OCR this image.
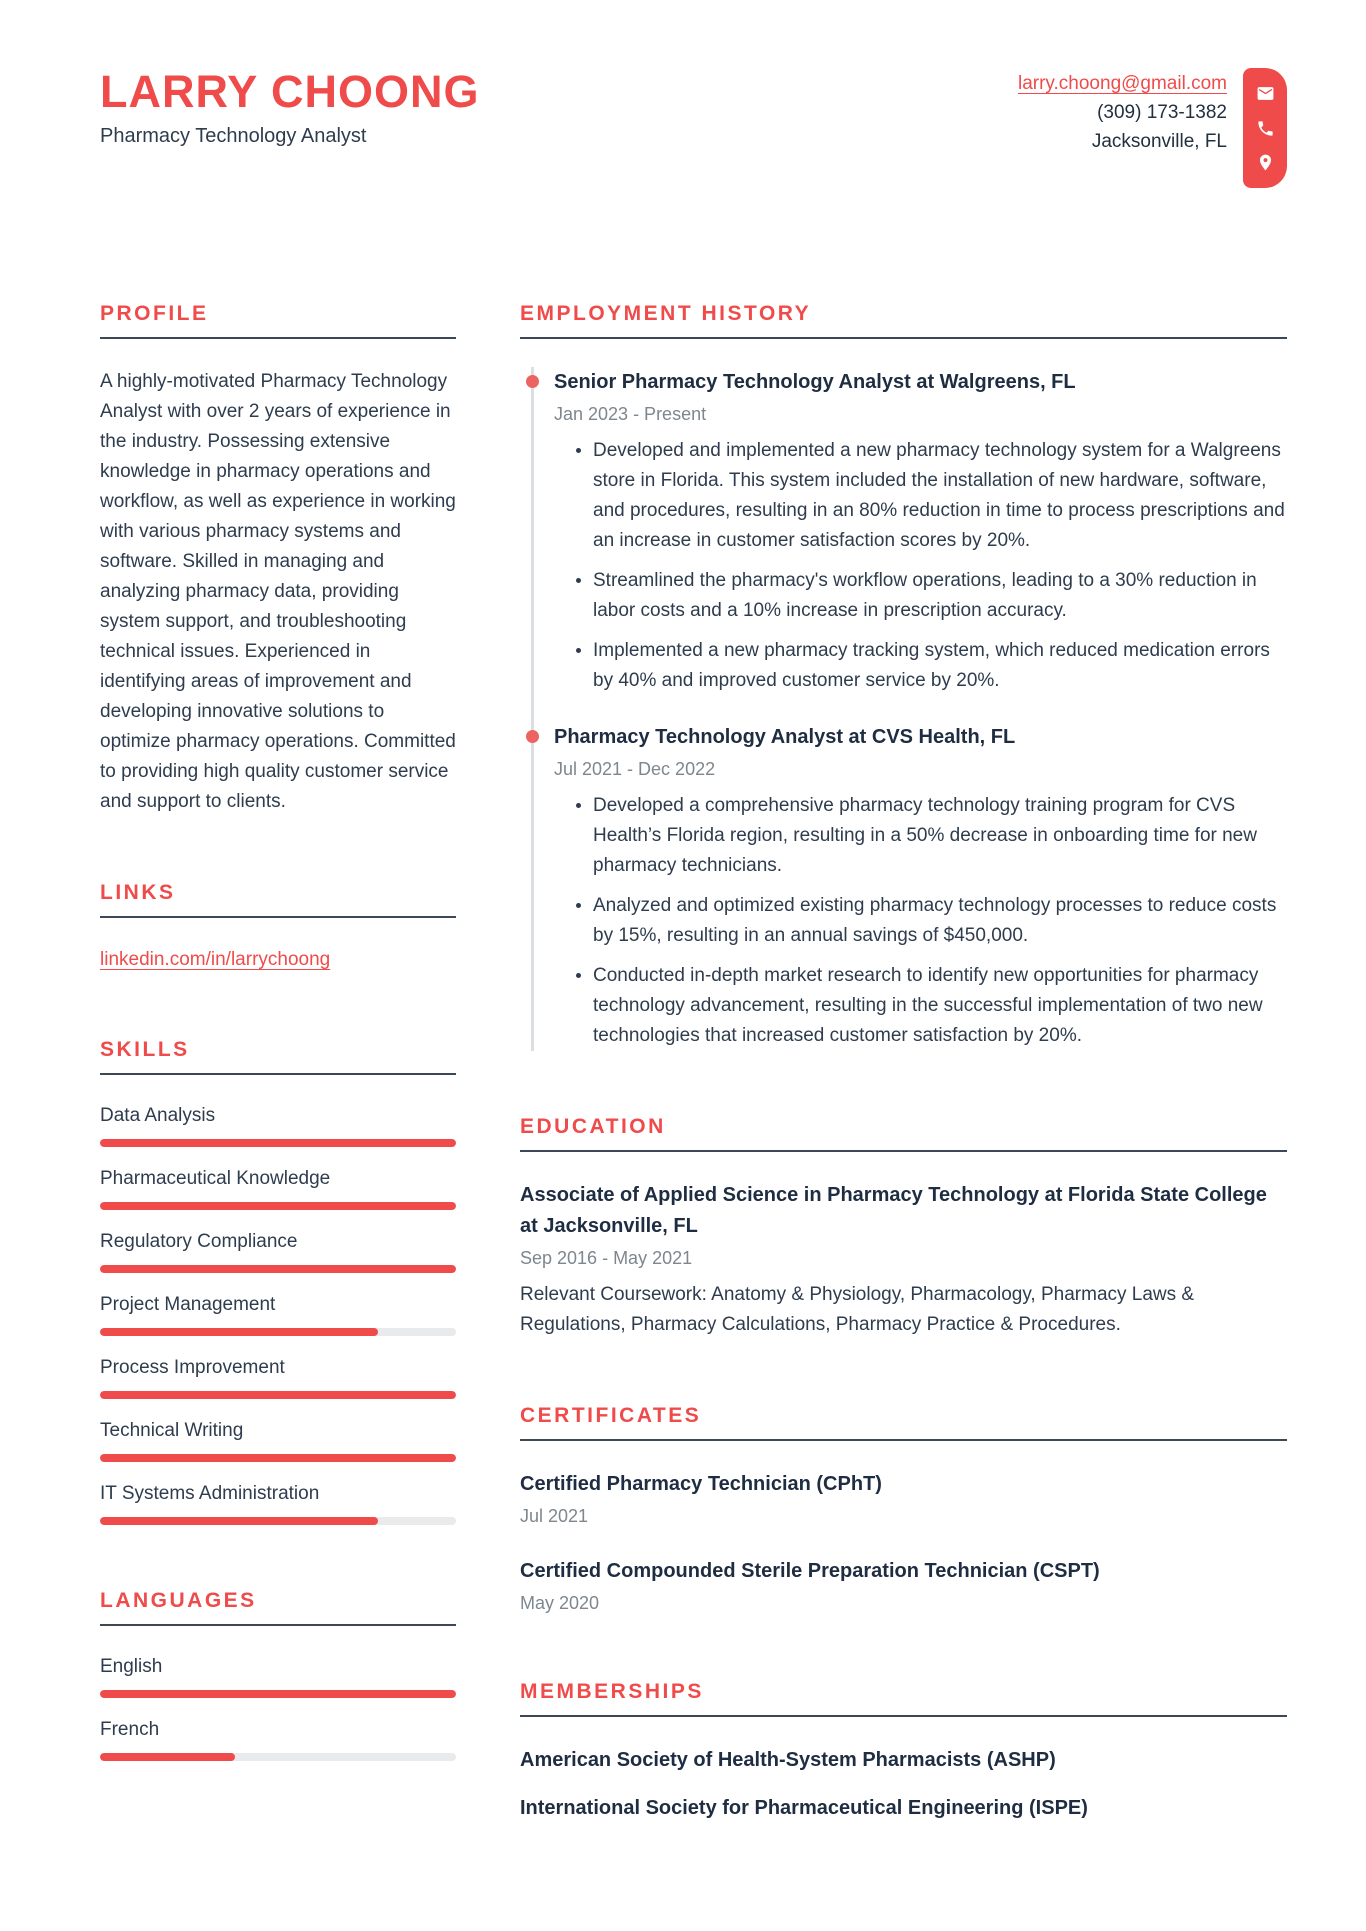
LARRY CHOONG
Pharmacy Technology Analyst
larry.choong@gmail.com
(309) 173-1382
Jacksonville, FL
PROFILE

A highly-motivated Pharmacy Technology Analyst with over 2 years of experience in the industry. Possessing extensive knowledge in pharmacy operations and workflow, as well as experience in working with various pharmacy systems and software. Skilled in managing and analyzing pharmacy data, providing system support, and troubleshooting technical issues. Experienced in identifying areas of improvement and developing innovative solutions to optimize pharmacy operations. Committed to providing high quality customer service and support to clients.

LINKS
linkedin.com/in/larrychoong
SKILLS
Data Analysis
Pharmaceutical Knowledge
Regulatory Compliance
Project Management
Process Improvement
Technical Writing
IT Systems Administration
LANGUAGES
English
French
EMPLOYMENT HISTORY
Senior Pharmacy Technology Analyst at Walgreens, FL
Jan 2023 - Present
• Developed and implemented a new pharmacy technology system for a Walgreens store in Florida. This system included the installation of new hardware, software, and procedures, resulting in an 80% reduction in time to process prescriptions and an increase in customer satisfaction scores by 20%.
• Streamlined the pharmacy's workflow operations, leading to a 30% reduction in labor costs and a 10% increase in prescription accuracy.
• Implemented a new pharmacy tracking system, which reduced medication errors by 40% and improved customer service by 20%.
Pharmacy Technology Analyst at CVS Health, FL
Jul 2021 - Dec 2022
• Developed a comprehensive pharmacy technology training program for CVS Health’s Florida region, resulting in a 50% decrease in onboarding time for new pharmacy technicians.
• Analyzed and optimized existing pharmacy technology processes to reduce costs by 15%, resulting in an annual savings of $450,000.
• Conducted in-depth market research to identify new opportunities for pharmacy technology advancement, resulting in the successful implementation of two new technologies that increased customer satisfaction by 20%.
EDUCATION
Associate of Applied Science in Pharmacy Technology at Florida State College at Jacksonville, FL
Sep 2016 - May 2021
Relevant Coursework: Anatomy & Physiology, Pharmacology, Pharmacy Laws & Regulations, Pharmacy Calculations, Pharmacy Practice & Procedures.
CERTIFICATES
Certified Pharmacy Technician (CPhT)
Jul 2021
Certified Compounded Sterile Preparation Technician (CSPT)
May 2020
MEMBERSHIPS
American Society of Health-System Pharmacists (ASHP)
International Society for Pharmaceutical Engineering (ISPE)
